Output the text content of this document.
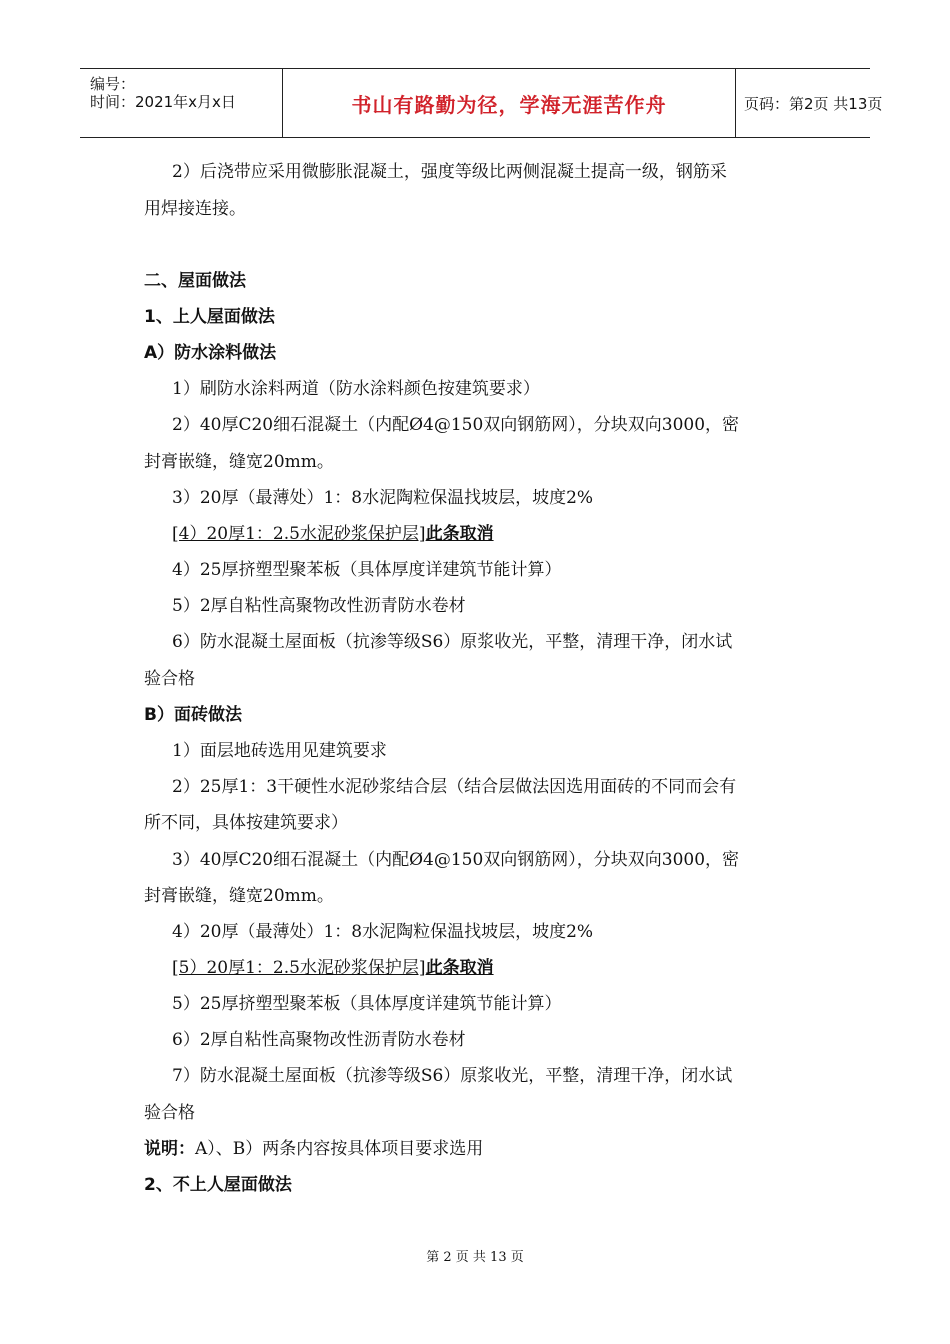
编号：
时间：2021年x月x日	书山有路勤为径，学海无涯苦作舟	页码：第2页 共13页
2）后浇带应采用微膨胀混凝土，强度等级比两侧混凝土提高一级，钢筋采
用焊接连接。
二、屋面做法
1、上人屋面做法
A）防水涂料做法
1）刷防水涂料两道（防水涂料颜色按建筑要求）
2）40厚C20细石混凝土（内配Ø4@150双向钢筋网），分块双向3000，密
封膏嵌缝，缝宽20mm。
3）20厚（最薄处）1：8水泥陶粒保温找坡层，坡度2%
[4）20厚1：2.5水泥砂浆保护层]此条取消
4）25厚挤塑型聚苯板（具体厚度详建筑节能计算）
5）2厚自粘性高聚物改性沥青防水卷材
6）防水混凝土屋面板（抗渗等级S6）原浆收光，平整，清理干净，闭水试
验合格
B）面砖做法
1）面层地砖选用见建筑要求
2）25厚1：3干硬性水泥砂浆结合层（结合层做法因选用面砖的不同而会有
所不同，具体按建筑要求）
3）40厚C20细石混凝土（内配Ø4@150双向钢筋网），分块双向3000，密
封膏嵌缝，缝宽20mm。
4）20厚（最薄处）1：8水泥陶粒保温找坡层，坡度2%
[5）20厚1：2.5水泥砂浆保护层]此条取消
5）25厚挤塑型聚苯板（具体厚度详建筑节能计算）
6）2厚自粘性高聚物改性沥青防水卷材
7）防水混凝土屋面板（抗渗等级S6）原浆收光，平整，清理干净，闭水试
验合格
说明：A）、B）两条内容按具体项目要求选用
2、不上人屋面做法
第 2 页 共 13 页
